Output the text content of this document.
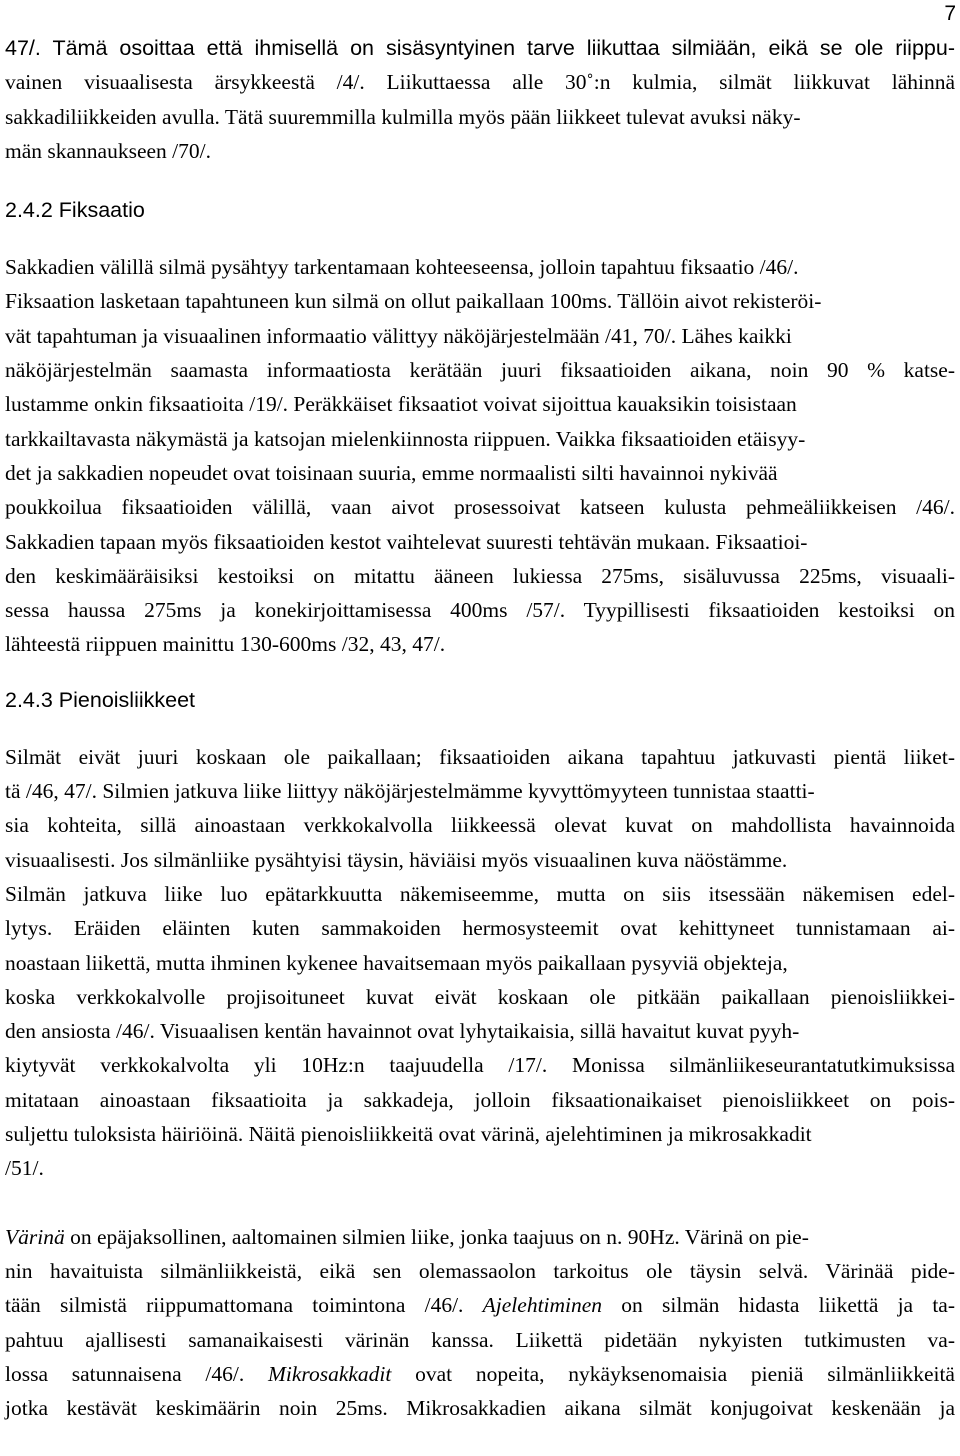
7
47/. Tämä osoittaa että ihmisellä on sisäsyntyinen tarve liikuttaa silmiään, eikä se ole riippu-
vainen visuaalisesta ärsykkeestä /4/. Liikuttaessa alle 30˚:n kulmia, silmät liikkuvat lähinnä
sakkadiliikkeiden avulla. Tätä suuremmilla kulmilla myös pään liikkeet tulevat avuksi näky-
män skannaukseen /70/.
2.4.2 Fiksaatio
Sakkadien välillä silmä pysähtyy tarkentamaan kohteeseensa, jolloin tapahtuu fiksaatio /46/.
Fiksaation lasketaan tapahtuneen kun silmä on ollut paikallaan 100ms. Tällöin aivot rekisteröi-
vät tapahtuman ja visuaalinen informaatio välittyy näköjärjestelmään /41, 70/. Lähes kaikki
näköjärjestelmän saamasta informaatiosta kerätään juuri fiksaatioiden aikana, noin 90 % katse-
lustamme onkin fiksaatioita /19/. Peräkkäiset fiksaatiot voivat sijoittua kauaksikin toisistaan
tarkkailtavasta näkymästä ja katsojan mielenkiinnosta riippuen. Vaikka fiksaatioiden etäisyy-
det ja sakkadien nopeudet ovat toisinaan suuria, emme normaalisti silti havainnoi nykivää
poukkoilua fiksaatioiden välillä, vaan aivot prosessoivat katseen kulusta pehmeäliikkeisen /46/.
Sakkadien tapaan myös fiksaatioiden kestot vaihtelevat suuresti tehtävän mukaan. Fiksaatioi-
den keskimääräisiksi kestoiksi on mitattu ääneen lukiessa 275ms, sisäluvussa 225ms, visuaali-
sessa haussa 275ms ja konekirjoittamisessa 400ms /57/. Tyypillisesti fiksaatioiden kestoiksi on
lähteestä riippuen mainittu 130-600ms /32, 43, 47/.
2.4.3 Pienoisliikkeet
Silmät eivät juuri koskaan ole paikallaan; fiksaatioiden aikana tapahtuu jatkuvasti pientä liiket-
tä /46, 47/. Silmien jatkuva liike liittyy näköjärjestelmämme kyvyttömyyteen tunnistaa staatti-
sia kohteita, sillä ainoastaan verkkokalvolla liikkeessä olevat kuvat on mahdollista havainnoida
visuaalisesti. Jos silmänliike pysähtyisi täysin, häviäisi myös visuaalinen kuva näöstämme.
Silmän jatkuva liike luo epätarkkuutta näkemiseemme, mutta on siis itsessään näkemisen edel-
lytys. Eräiden eläinten kuten sammakoiden hermosysteemit ovat kehittyneet tunnistamaan ai-
noastaan liikettä, mutta ihminen kykenee havaitsemaan myös paikallaan pysyviä objekteja,
koska verkkokalvolle projisoituneet kuvat eivät koskaan ole pitkään paikallaan pienoisliikkei-
den ansiosta /46/. Visuaalisen kentän havainnot ovat lyhytaikaisia, sillä havaitut kuvat pyyh-
kiytyvät verkkokalvolta yli 10Hz:n taajuudella /17/. Monissa silmänliikeseurantatutkimuksissa
mitataan ainoastaan fiksaatioita ja sakkadeja, jolloin fiksaationaikaiset pienoisliikkeet on pois-
suljettu tuloksista häiriöinä. Näitä pienoisliikkeitä ovat värinä, ajelehtiminen ja mikrosakkadit
/51/.
Värinä on epäjaksollinen, aaltomainen silmien liike, jonka taajuus on n. 90Hz. Värinä on pie-
nin havaituista silmänliikkeistä, eikä sen olemassaolon tarkoitus ole täysin selvä. Värinää pide-
tään silmistä riippumattomana toimintona /46/. Ajelehtiminen on silmän hidasta liikettä ja ta-
pahtuu ajallisesti samanaikaisesti värinän kanssa. Liikettä pidetään nykyisten tutkimusten va-
lossa satunnaisena /46/. Mikrosakkadit ovat nopeita, nykäyksenomaisia pieniä silmänliikkeitä
jotka kestävät keskimäärin noin 25ms. Mikrosakkadien aikana silmät konjugoivat keskenään ja
